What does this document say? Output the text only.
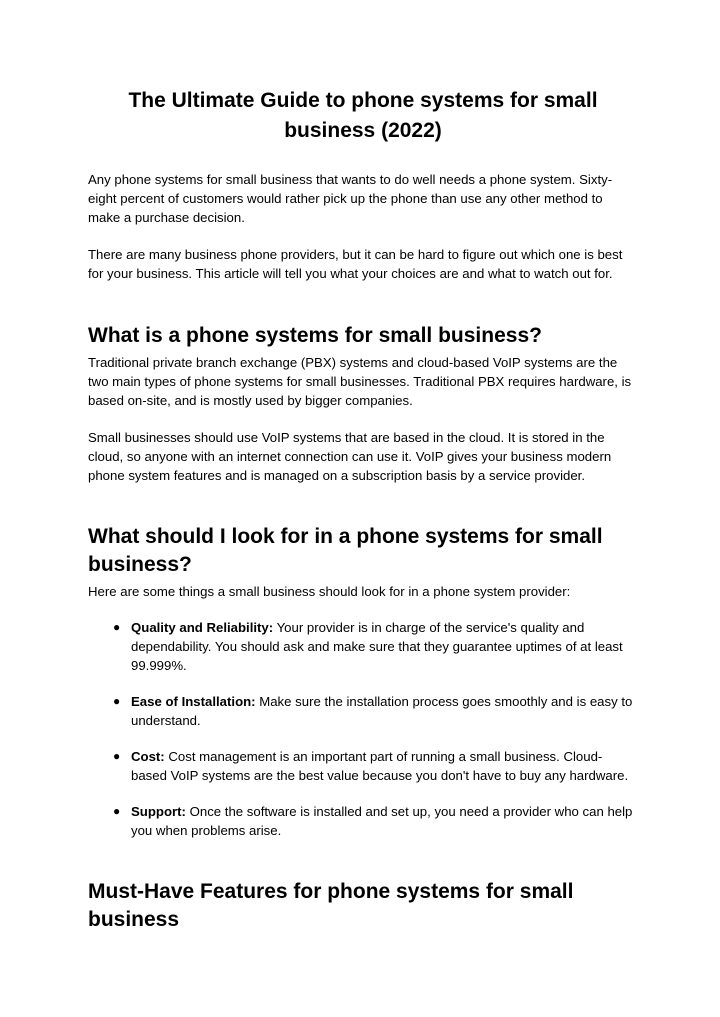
The Ultimate Guide to phone systems for small business (2022)

Any phone systems for small business that wants to do well needs a phone system. Sixty-eight percent of customers would rather pick up the phone than use any other method to make a purchase decision.

There are many business phone providers, but it can be hard to figure out which one is best for your business. This article will tell you what your choices are and what to watch out for.

What is a phone systems for small business?

Traditional private branch exchange (PBX) systems and cloud-based VoIP systems are the two main types of phone systems for small businesses. Traditional PBX requires hardware, is based on-site, and is mostly used by bigger companies.

Small businesses should use VoIP systems that are based in the cloud. It is stored in the cloud, so anyone with an internet connection can use it. VoIP gives your business modern phone system features and is managed on a subscription basis by a service provider.

What should I look for in a phone systems for small business?

Here are some things a small business should look for in a phone system provider:

● Quality and Reliability: Your provider is in charge of the service's quality and dependability. You should ask and make sure that they guarantee uptimes of at least 99.999%.
● Ease of Installation: Make sure the installation process goes smoothly and is easy to understand.
● Cost: Cost management is an important part of running a small business. Cloud-based VoIP systems are the best value because you don't have to buy any hardware.
● Support: Once the software is installed and set up, you need a provider who can help you when problems arise.
Must-Have Features for phone systems for small business
